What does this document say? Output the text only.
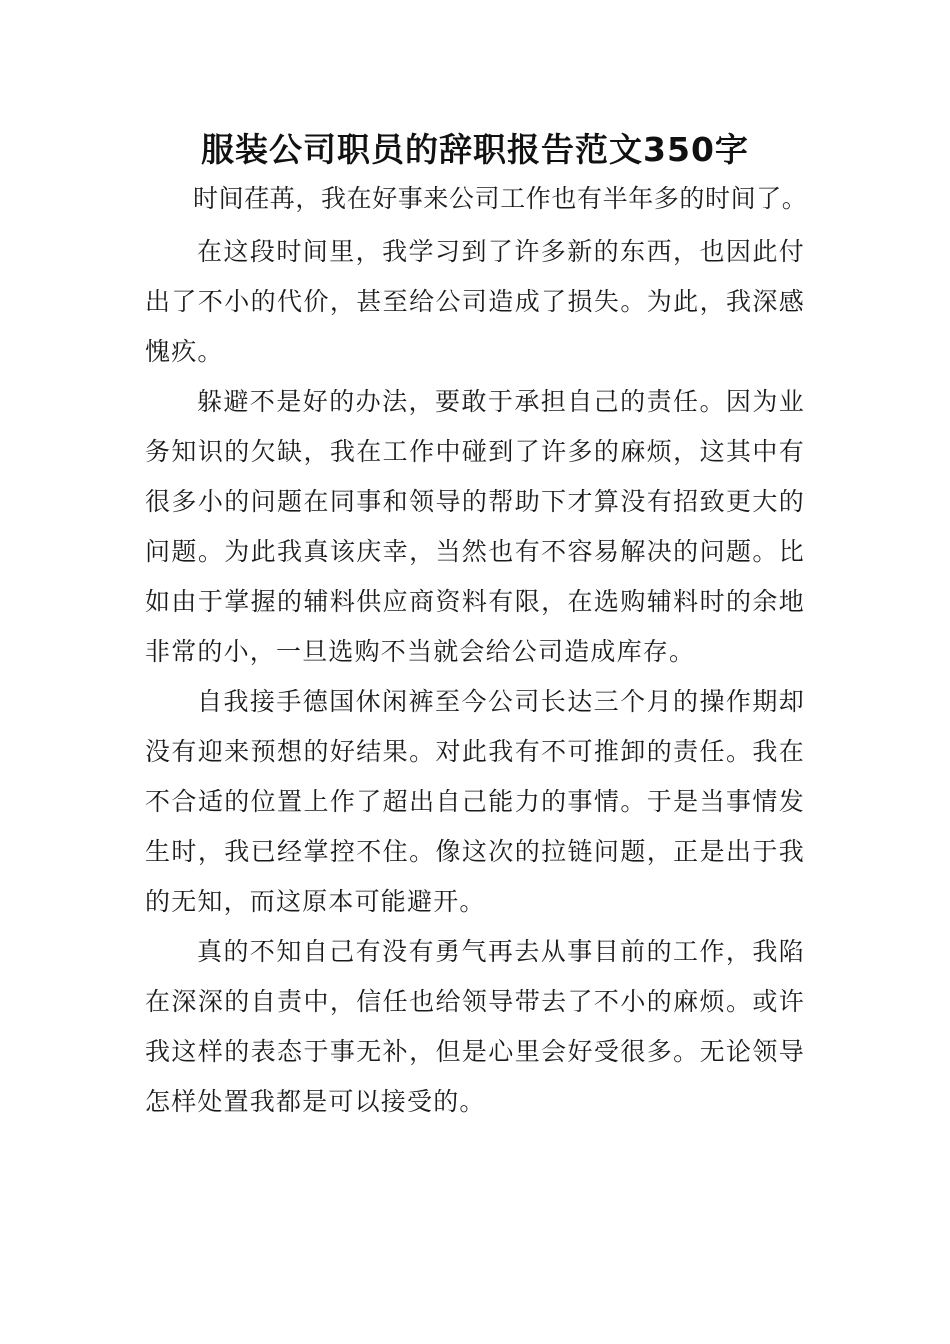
服装公司职员的辞职报告范文350字

时间荏苒，我在好事来公司工作也有半年多的时间了。

在这段时间里，我学习到了许多新的东西，也因此付出了不小的代价，甚至给公司造成了损失。为此，我深感愧疚。

躲避不是好的办法，要敢于承担自己的责任。因为业务知识的欠缺，我在工作中碰到了许多的麻烦，这其中有很多小的问题在同事和领导的帮助下才算没有招致更大的问题。为此我真该庆幸，当然也有不容易解决的问题。比如由于掌握的辅料供应商资料有限，在选购辅料时的余地非常的小，一旦选购不当就会给公司造成库存。

自我接手德国休闲裤至今公司长达三个月的操作期却没有迎来预想的好结果。对此我有不可推卸的责任。我在不合适的位置上作了超出自己能力的事情。于是当事情发生时，我已经掌控不住。像这次的拉链问题，正是出于我的无知，而这原本可能避开。

真的不知自己有没有勇气再去从事目前的工作，我陷在深深的自责中，信任也给领导带去了不小的麻烦。或许我这样的表态于事无补，但是心里会好受很多。无论领导怎样处置我都是可以接受的。
